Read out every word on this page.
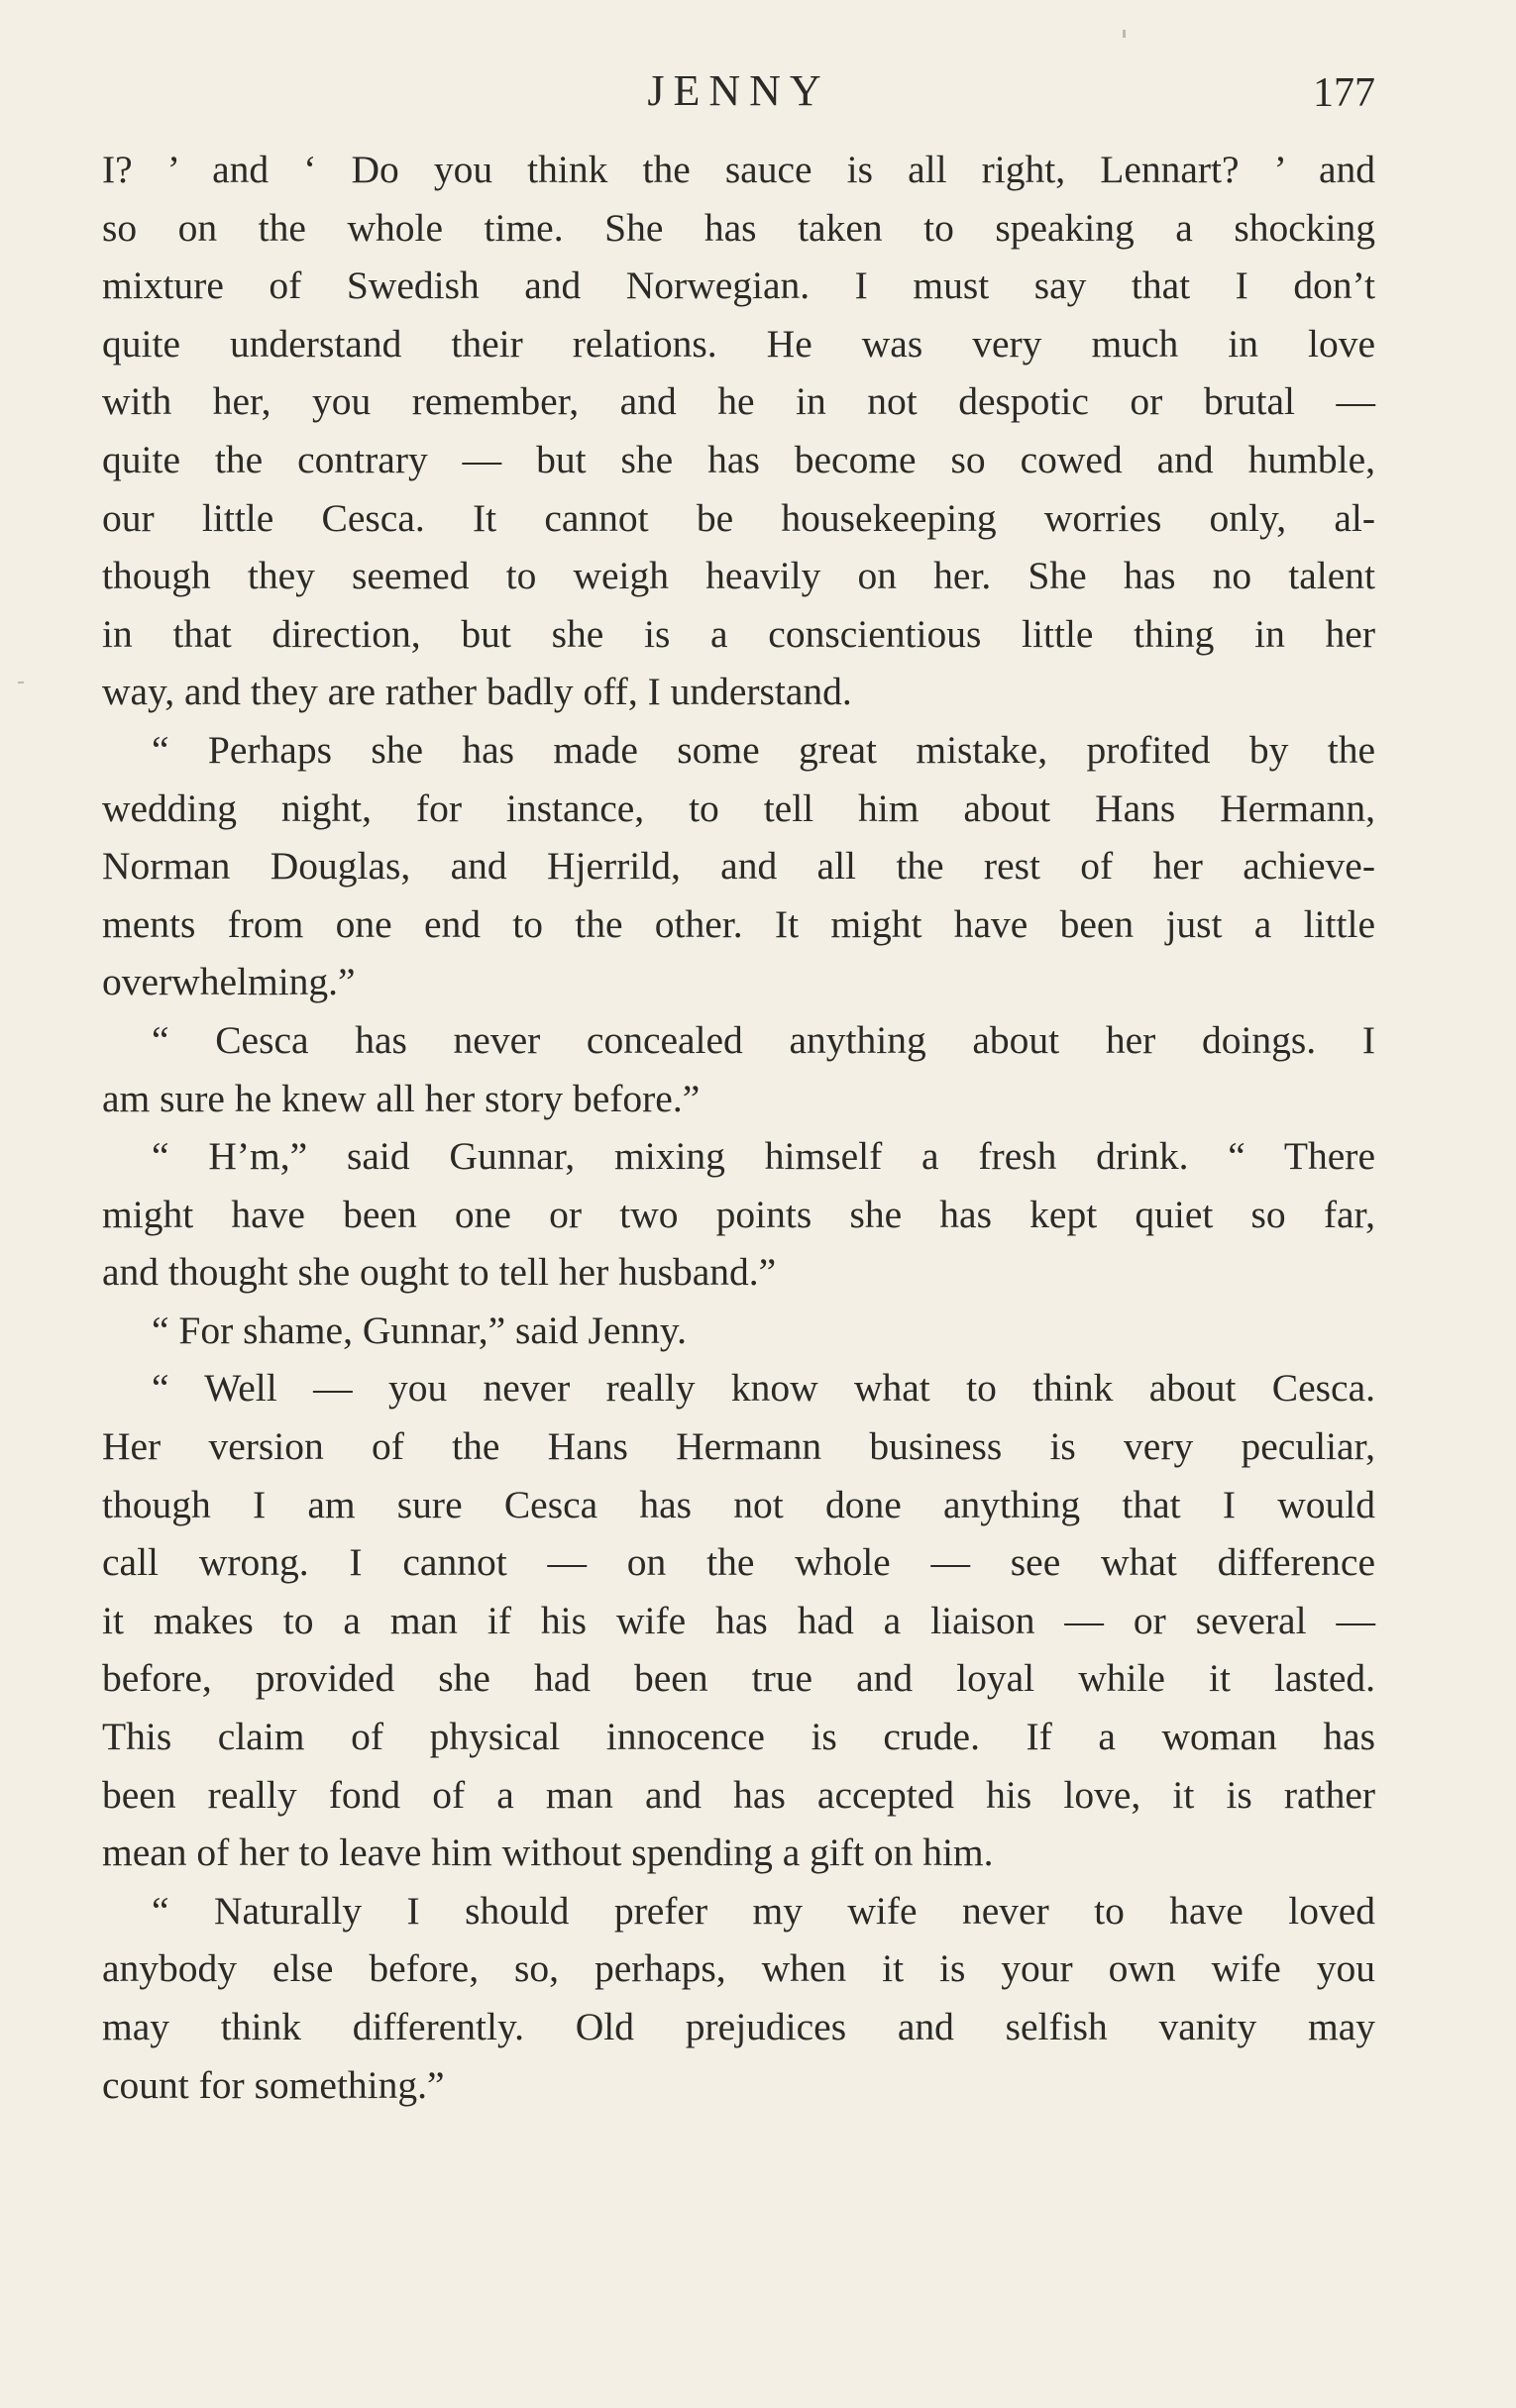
JENNY	177
I? ’ and ‘ Do you think the sauce is all right, Lennart? ’ and
so on the whole time. She has taken to speaking a shocking
mixture of Swedish and Norwegian. I must say that I don’t
quite understand their relations. He was very much in love
with her, you remember, and he in not despotic or brutal —
quite the contrary — but she has become so cowed and humble,
our little Cesca. It cannot be housekeeping worries only, al-
though they seemed to weigh heavily on her. She has no talent
in that direction, but she is a conscientious little thing in her
way, and they are rather badly off, I understand.
“ Perhaps she has made some great mistake, profited by the
wedding night, for instance, to tell him about Hans Hermann,
Norman Douglas, and Hjerrild, and all the rest of her achieve-
ments from one end to the other. It might have been just a little
overwhelming.”
“ Cesca has never concealed anything about her doings. I
am sure he knew all her story before.”
“ H’m,” said Gunnar, mixing himself a fresh drink. “ There
might have been one or two points she has kept quiet so far,
and thought she ought to tell her husband.”
“ For shame, Gunnar,” said Jenny.
“ Well — you never really know what to think about Cesca.
Her version of the Hans Hermann business is very peculiar,
though I am sure Cesca has not done anything that I would
call wrong. I cannot — on the whole — see what difference
it makes to a man if his wife has had a liaison — or several —
before, provided she had been true and loyal while it lasted.
This claim of physical innocence is crude. If a woman has
been really fond of a man and has accepted his love, it is rather
mean of her to leave him without spending a gift on him.
“ Naturally I should prefer my wife never to have loved
anybody else before, so, perhaps, when it is your own wife you
may think differently. Old prejudices and selfish vanity may
count for something.”
